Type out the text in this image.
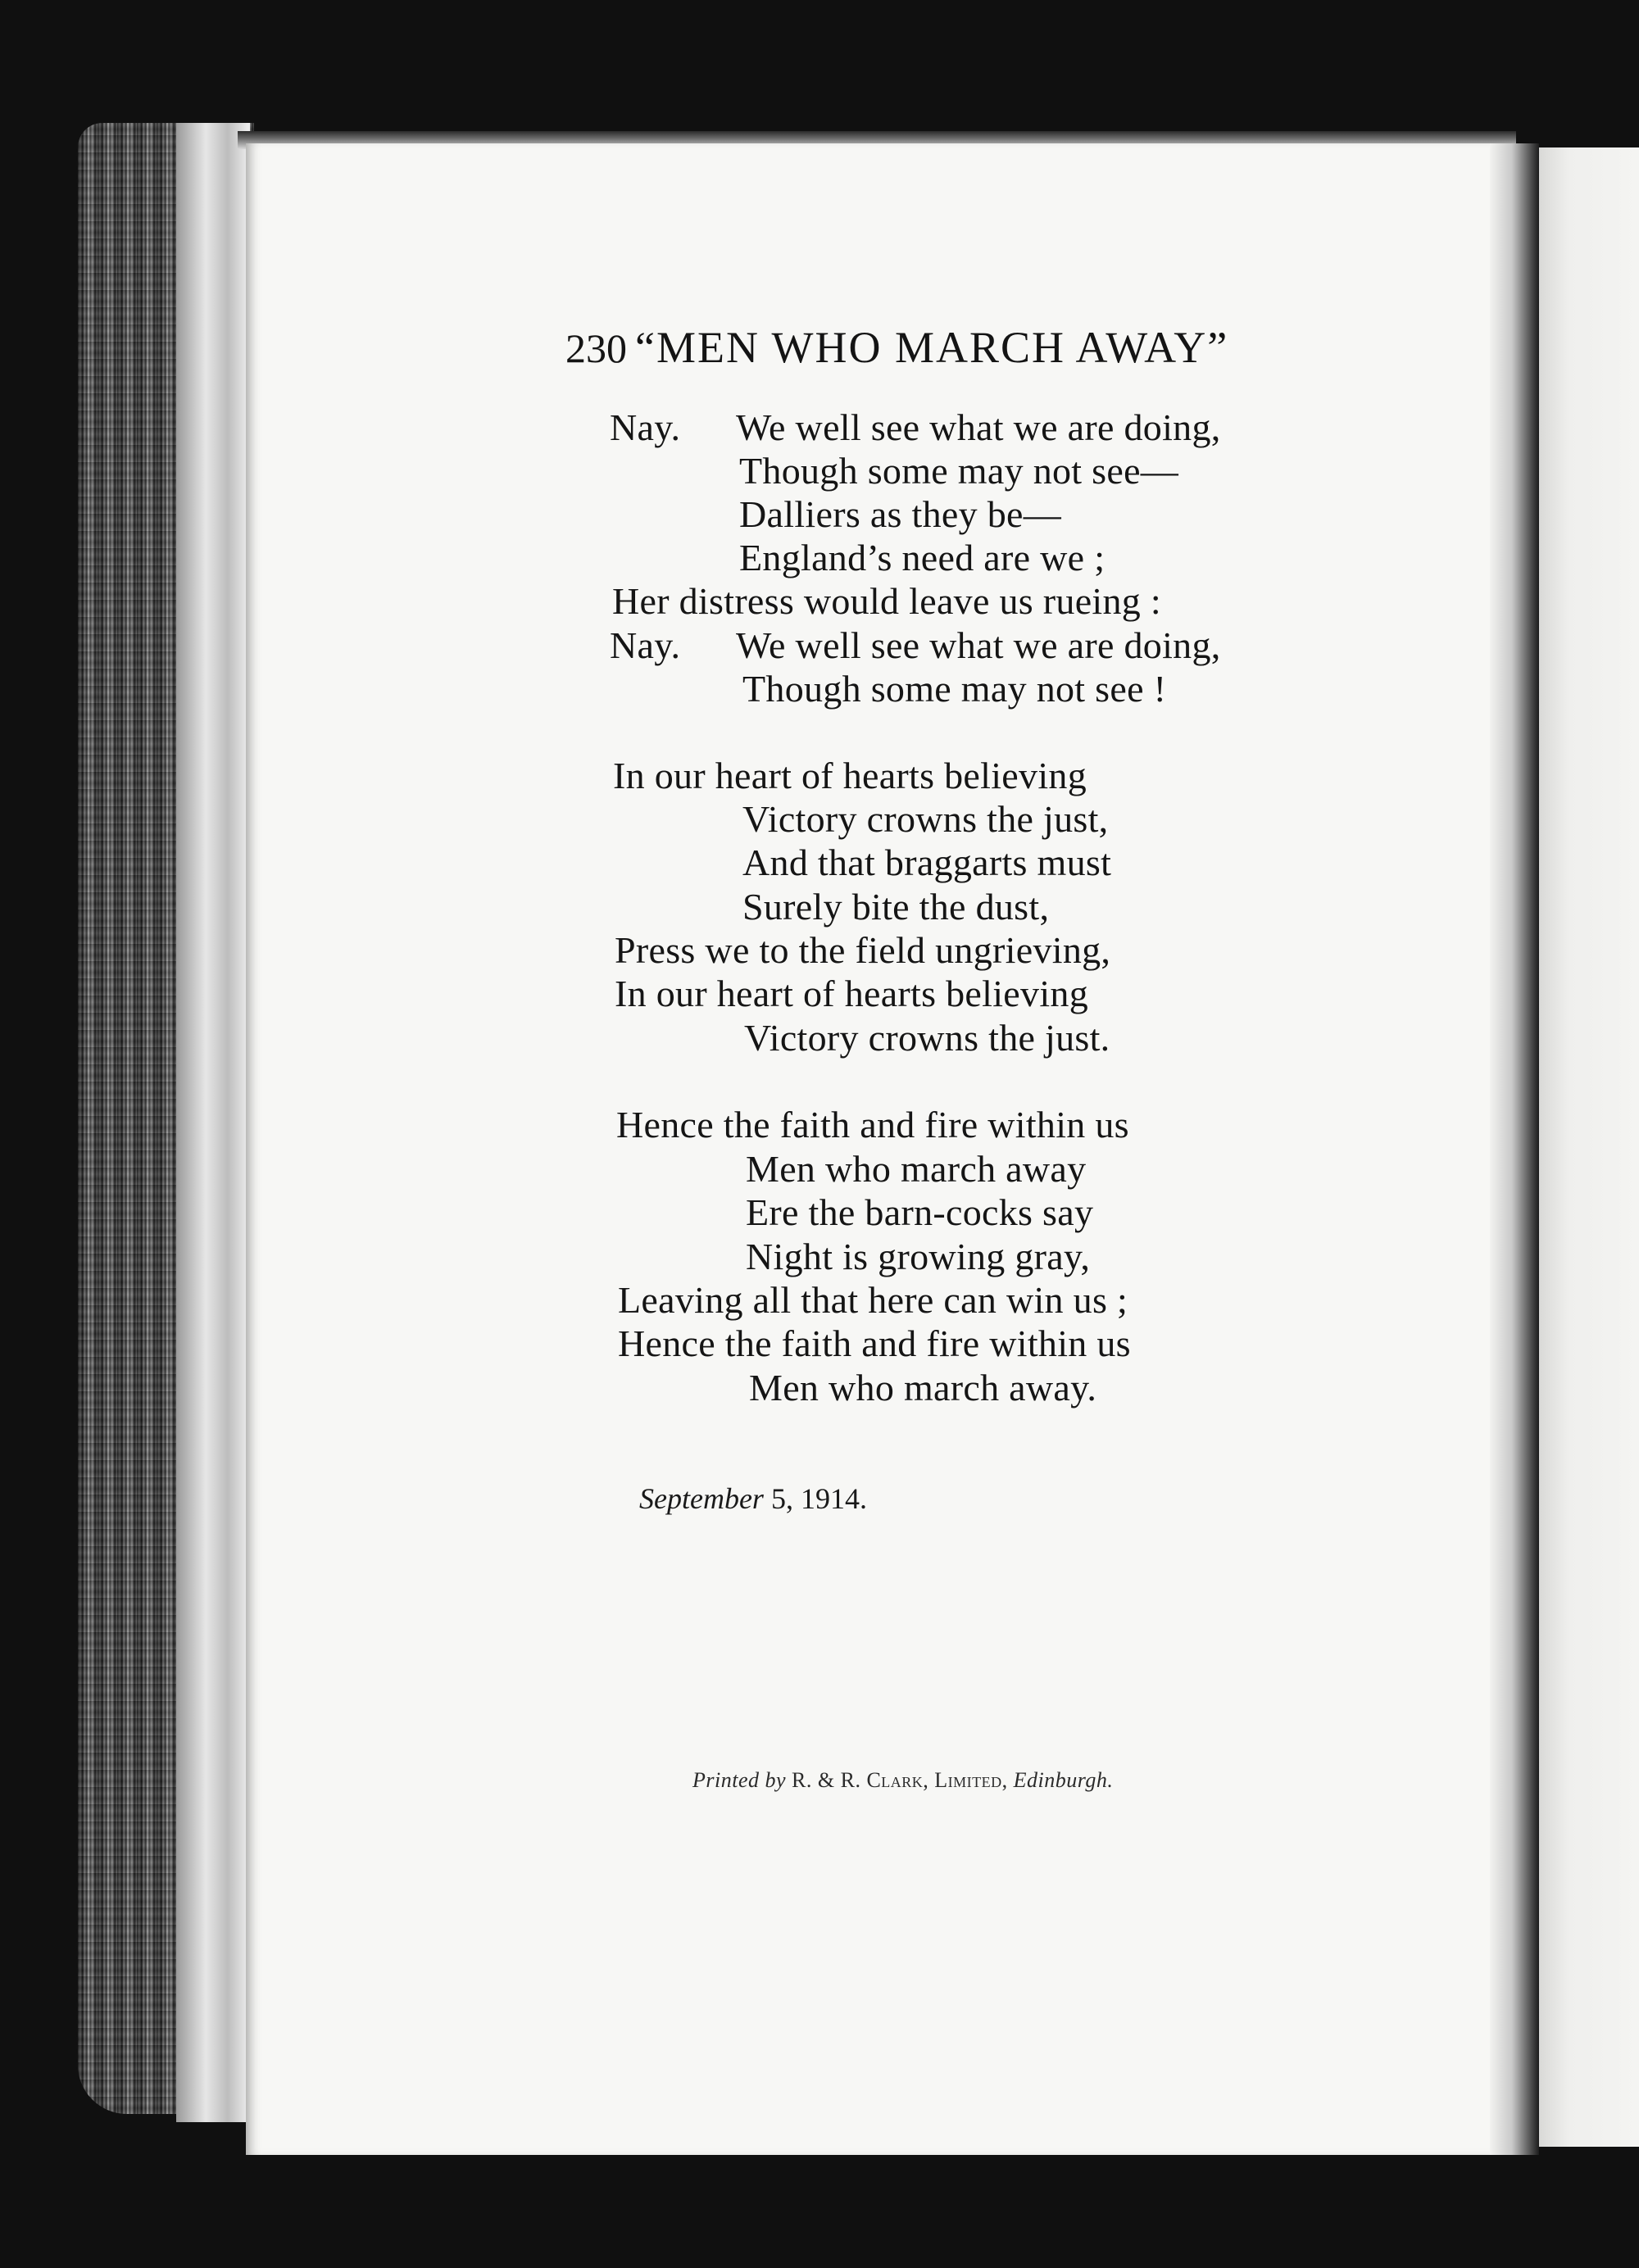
230 “MEN WHO MARCH AWAY”
Nay. We well see what we are doing,
Though some may not see—
Dalliers as they be—
England’s need are we ;
Her distress would leave us rueing :
Nay. We well see what we are doing,
Though some may not see !
In our heart of hearts believing
Victory crowns the just,
And that braggarts must
Surely bite the dust,
Press we to the field ungrieving,
In our heart of hearts believing
Victory crowns the just.
Hence the faith and fire within us
Men who march away
Ere the barn-cocks say
Night is growing gray,
Leaving all that here can win us ;
Hence the faith and fire within us
Men who march away.
September 5, 1914.
Printed by R. & R. Clark, Limited, Edinburgh.
